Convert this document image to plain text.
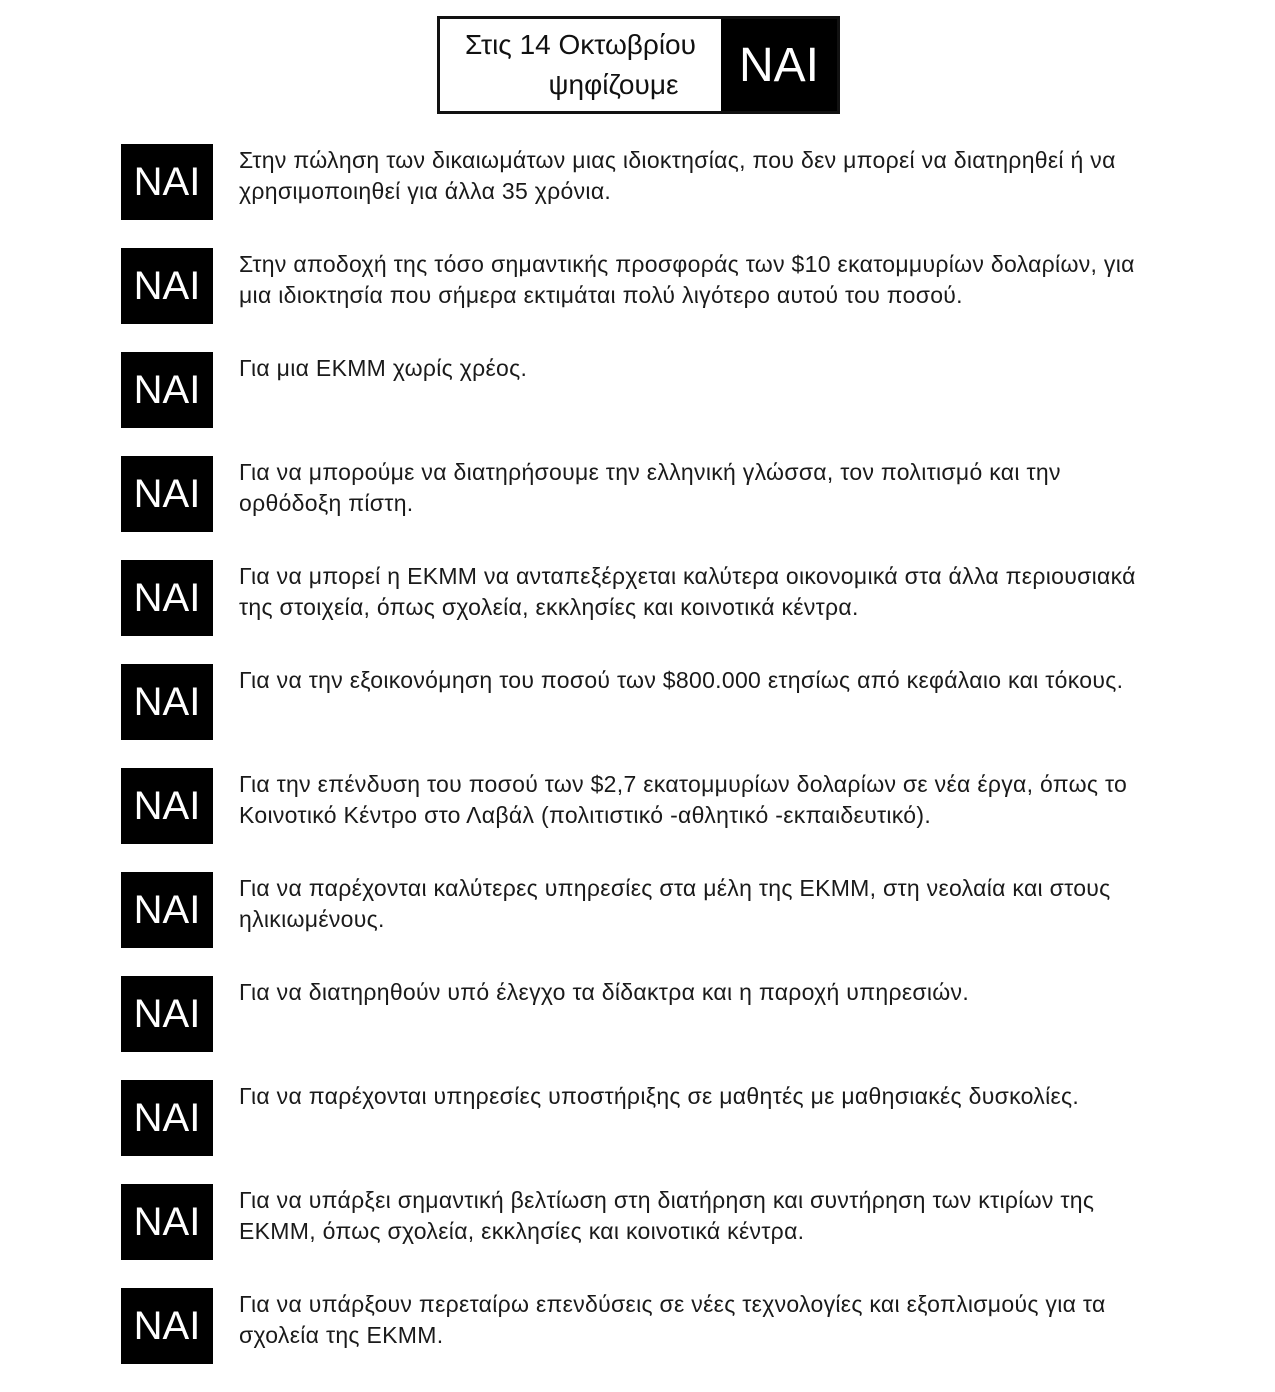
Στις 14 Οκτωβρίου
ψηφίζουμε	ΝΑΙ
ΝΑΙ	Στην πώληση των δικαιωμάτων μιας ιδιοκτησίας, που δεν μπορεί να διατηρηθεί ή να χρησιμοποιηθεί για άλλα 35 χρόνια.
ΝΑΙ	Στην αποδοχή της τόσο σημαντικής προσφοράς των $10 εκατομμυρίων δολαρίων, για μια ιδιοκτησία που σήμερα εκτιμάται πολύ λιγότερο αυτού του ποσού.
ΝΑΙ	Για μια ΕΚΜΜ χωρίς χρέος.
ΝΑΙ	Για να μπορούμε να διατηρήσουμε την ελληνική γλώσσα, τον πολιτισμό και την ορθόδοξη πίστη.
ΝΑΙ	Για να μπορεί η ΕΚΜΜ να ανταπεξέρχεται καλύτερα οικονομικά στα άλλα περιουσιακά της στοιχεία, όπως σχολεία, εκκλησίες και κοινοτικά κέντρα.
ΝΑΙ	Για να την εξοικονόμηση του ποσού των $800.000 ετησίως από κεφάλαιο και τόκους.
ΝΑΙ	Για την επένδυση του ποσού των $2,7 εκατομμυρίων δολαρίων σε νέα έργα, όπως το Κοινοτικό Κέντρο στο Λαβάλ (πολιτιστικό -αθλητικό -εκπαιδευτικό).
ΝΑΙ	Για να παρέχονται καλύτερες υπηρεσίες στα μέλη της ΕΚΜΜ, στη νεολαία και στους ηλικιωμένους.
ΝΑΙ	Για να διατηρηθούν υπό έλεγχο τα δίδακτρα και η παροχή υπηρεσιών.
ΝΑΙ	Για να παρέχονται υπηρεσίες υποστήριξης σε μαθητές με μαθησιακές δυσκολίες.
ΝΑΙ	Για να υπάρξει σημαντική βελτίωση στη διατήρηση και συντήρηση των κτιρίων της ΕΚΜΜ, όπως σχολεία, εκκλησίες και κοινοτικά κέντρα.
ΝΑΙ	Για να υπάρξουν περεταίρω επενδύσεις σε νέες τεχνολογίες και εξοπλισμούς για τα σχολεία της ΕΚΜΜ.
